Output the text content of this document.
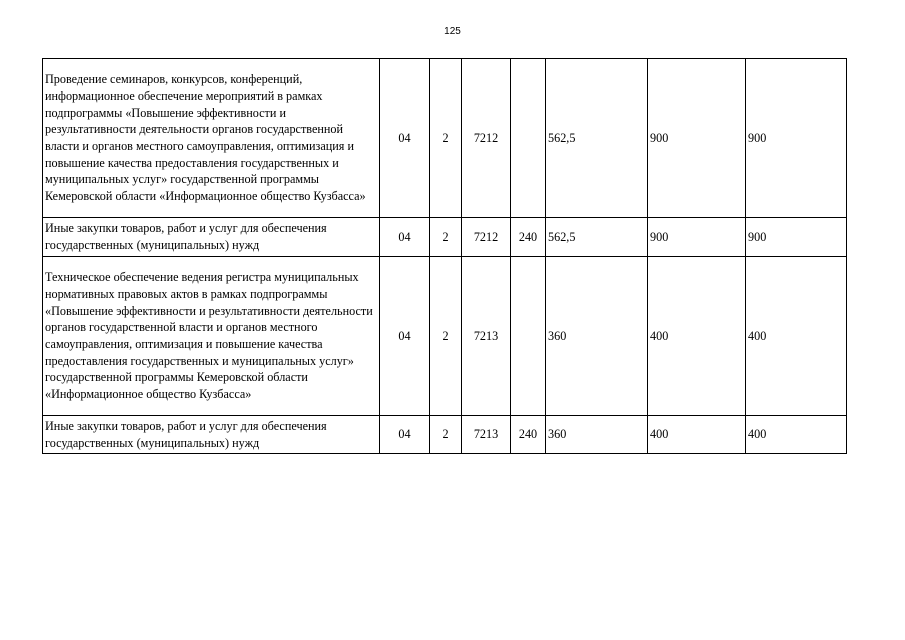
125
Проведение семинаров, конкурсов, конференций, информационное обеспечение мероприятий в рамках подпрограммы «Повышение эффективности и результативности деятельности органов государственной власти и органов местного самоуправления, оптимизация и повышение качества предоставления государственных и муниципальных услуг» государственной программы Кемеровской области «Информационное общество Кузбасса»	04	2	7212		562,5	900	900
Иные закупки товаров, работ и услуг для обеспечения государственных (муниципальных) нужд	04	2	7212	240	562,5	900	900
Техническое обеспечение ведения регистра муниципальных нормативных правовых актов в рамках подпрограммы «Повышение эффективности и результативности деятельности органов государственной власти и органов местного самоуправления, оптимизация и повышение качества предоставления государственных и муниципальных услуг» государственной программы Кемеровской области «Информационное общество Кузбасса»	04	2	7213		360	400	400
Иные закупки товаров, работ и услуг для обеспечения государственных (муниципальных) нужд	04	2	7213	240	360	400	400
